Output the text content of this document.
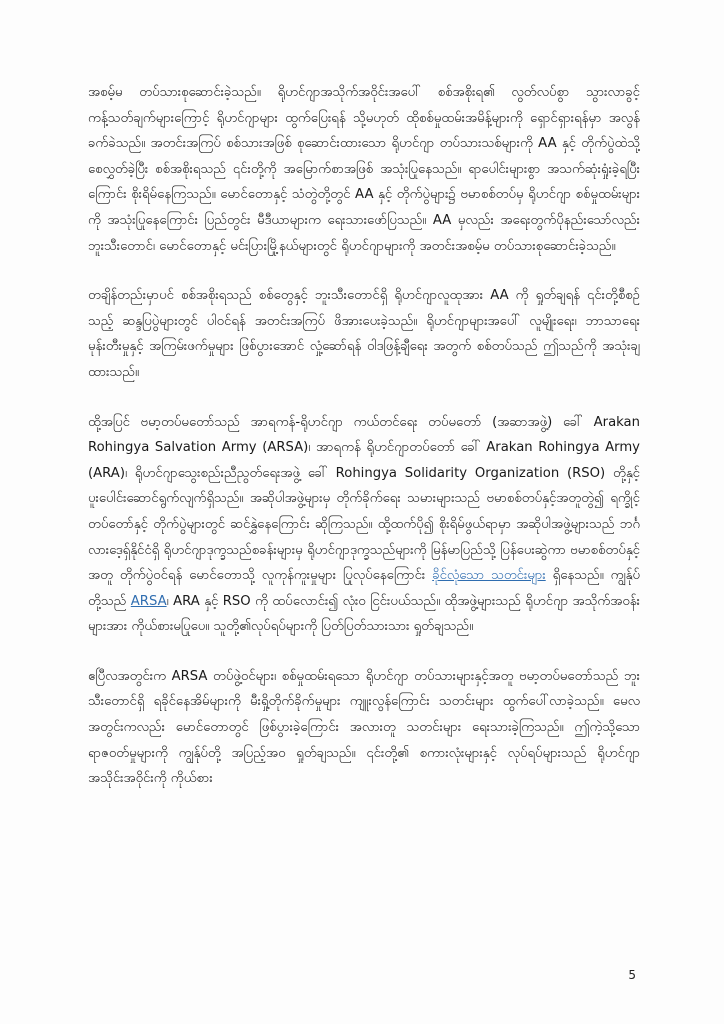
အစမ့်မ တပ်သားစုဆောင်းခဲ့သည်။ ရိုဟင်ဂျာအသိုက်အဝိုင်းအပေါ် စစ်အစိုးရ၏ လွတ်လပ်စွာ သွားလာခွင့် ကန့်သတ်ချက်များကြောင့် ရိုဟင်ဂျာများ ထွက်ပြေးရန် သို့မဟုတ် ထိုစစ်မှုထမ်းအမိန့်များကို ရှောင်ရှားရန်မှာ အလွန်ခက်ခဲသည်။ အတင်းအကြပ် စစ်သားအဖြစ် စုဆောင်းထားသော ရိုဟင်ဂျာ တပ်သားသစ်များကို AA နှင့် တိုက်ပွဲထဲသို့ စေလွှတ်ခဲ့ပြီး စစ်အစိုးရသည် ၎င်းတို့ကို အမြောက်စာအဖြစ် အသုံးပြုနေသည်။ ရာပေါင်းများစွာ အသက်ဆုံးရှုံးခဲ့ရပြီးကြောင်း စိုးရိမ်နေကြသည်။ မောင်တောနှင့် သံတွဲတို့တွင် AA နှင့် တိုက်ပွဲများ၌ ဗမာစစ်တပ်မှ ရိုဟင်ဂျာ စစ်မှုထမ်းများကို အသုံးပြုနေကြောင်း ပြည်တွင်း မီဒီယာများက ရေးသားဖော်ပြသည်။ AA မှလည်း အရေးတွက်ပိုနည်းသော်လည်း ဘူးသီးတောင်၊ မောင်တောနှင့် မင်းပြားမြို့နယ်များတွင် ရိုဟင်ဂျာများကို အတင်းအစမ့်မ တပ်သားစုဆောင်းခဲ့သည်။

တချိန်တည်းမှာပင် စစ်အစိုးရသည် စစ်တွေနှင့် ဘူးသီးတောင်ရှိ ရိုဟင်ဂျာလူထုအား AA ကို ရှုတ်ချရန် ၎င်းတို့စီစဉ်သည့် ဆန္ဒပြပွဲများတွင် ပါဝင်ရန် အတင်းအကြပ် ဖိအားပေးခဲ့သည်။ ရိုဟင်ဂျာများအပေါ် လူမျိုးရေး၊ ဘာသာရေးမုန်းတီးမှုနှင့် အကြမ်းဖက်မှုများ ဖြစ်ပွားအောင် လှုံ့ဆော်ရန် ဝါဒဖြန့်ချီရေး အတွက် စစ်တပ်သည် ဤသည်ကို အသုံးချထားသည်။

ထို့အပြင် ဗမာ့တပ်မတော်သည် အာရကန်-ရိုဟင်ဂျာ ကယ်တင်ရေး တပ်မတော် (အဆာအဖွဲ့) ခေါ် Arakan Rohingya Salvation Army (ARSA)၊ အာရကန် ရိုဟင်ဂျာတပ်တော် ခေါ် Arakan Rohingya Army (ARA)၊ ရိုဟင်ဂျာသွေးစည်းညီညွတ်ရေးအဖွဲ့ ခေါ် Rohingya Solidarity Organization (RSO) တို့နှင့် ပူးပေါင်းဆောင်ရွက်လျက်ရှိသည်။ အဆိုပါအဖွဲ့များမှ တိုက်ခိုက်ရေး သမားများသည် ဗမာစစ်တပ်နှင့်အတူတွဲ၍ ရက္ခိုင့်တပ်တော်နှင့် တိုက်ပွဲများတွင် ဆင်နွှဲနေကြောင်း ဆိုကြသည်။ ထို့ထက်ပို၍ စိုးရိမ်ဖွယ်ရာမှာ အဆိုပါအဖွဲ့များသည် ဘင်္ဂလားဒေ့ရှ်နိုင်ငံရှိ ရိုဟင်ဂျာဒုက္ခသည်စခန်းများမှ ရိုဟင်ဂျာဒုက္ခသည်များကို မြန်မာပြည်သို့ ပြန်ပေးဆွဲကာ ဗမာစစ်တပ်နှင့်အတူ တိုက်ပွဲဝင်ရန် မောင်တောသို့ လူကုန်ကူးမှုများ ပြုလုပ်နေကြောင်း ခိုင်လုံသော သတင်းများ ရှိနေသည်။ ကျွန်ုပ်တို့သည် ARSA၊ ARA နှင့် RSO ကို ထပ်လောင်း၍ လုံးဝ ငြင်းပယ်သည်။ ထိုအဖွဲ့များသည် ရိုဟင်ဂျာ အသိုက်အဝန်းများအား ကိုယ်စားမပြုပေ။ သူတို့၏လုပ်ရပ်များကို ပြတ်ပြတ်သားသား ရှုတ်ချသည်။

ဧပြီလအတွင်းက ARSA တပ်ဖွဲ့ဝင်များ၊ စစ်မှုထမ်းရသော ရိုဟင်ဂျာ တပ်သားများနှင့်အတူ ဗမာ့တပ်မတော်သည် ဘူးသီးတောင်ရှိ ရခိုင်နေအိမ်များကို မီးရှို့တိုက်ခိုက်မှုများ ကျူးလွန်ကြောင်း သတင်းများ ထွက်ပေါ်လာခဲ့သည်။ မေလအတွင်းကလည်း မောင်တောတွင် ဖြစ်ပွားခဲ့ကြောင်း အလားတူ သတင်းများ ရေးသားခဲ့ကြသည်။ ဤကဲ့သို့သော ရာဇဝတ်မှုများကို ကျွန်ုပ်တို့ အပြည့်အဝ ရှုတ်ချသည်။ ၎င်းတို့၏ စကားလုံးများနှင့် လုပ်ရပ်များသည် ရိုဟင်ဂျာအသိုင်းအဝိုင်းကို ကိုယ်စား

5
